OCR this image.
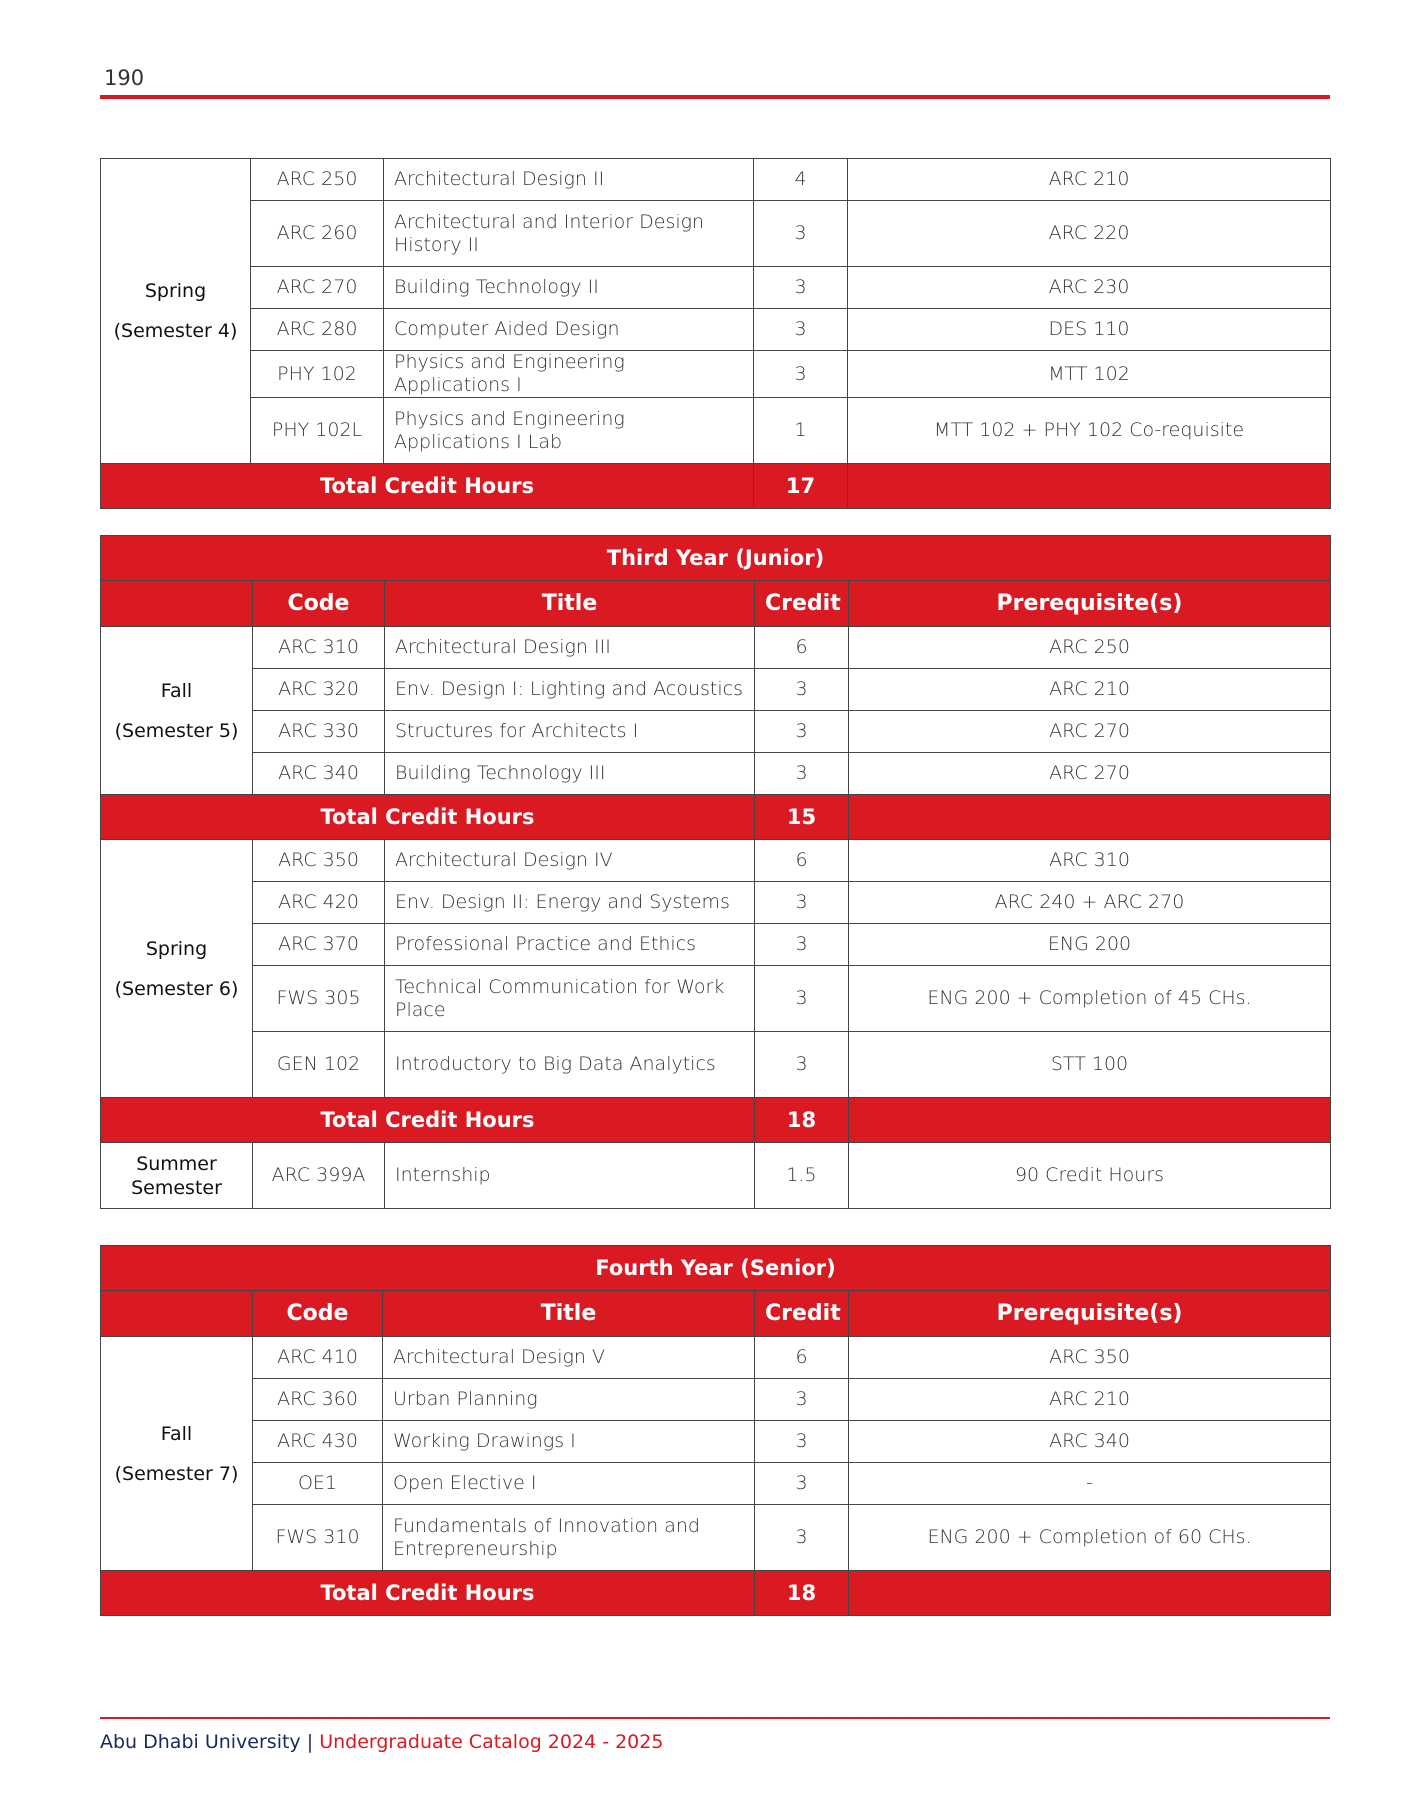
190
Spring
(Semester 4)	ARC 250	Architectural Design II	4	ARC 210
	ARC 260	Architectural and Interior Design History II	3	ARC 220
	ARC 270	Building Technology II	3	ARC 230
	ARC 280	Computer Aided Design	3	DES 110
	PHY 102	Physics and Engineering Applications I	3	MTT 102
	PHY 102L	Physics and Engineering Applications I Lab	1	MTT 102 + PHY 102 Co-requisite
Total Credit Hours			17	
Third Year (Junior)				
	Code	Title	Credit	Prerequisite(s)

Fall
(Semester 5)	ARC 310	Architectural Design III	6	ARC 250
	ARC 320	Env. Design I: Lighting and Acoustics	3	ARC 210
	ARC 330	Structures for Architects I	3	ARC 270
	ARC 340	Building Technology III	3	ARC 270
Total Credit Hours			15	

Spring
(Semester 6)	ARC 350	Architectural Design IV	6	ARC 310
	ARC 420	Env. Design II: Energy and Systems	3	ARC 240 + ARC 270
	ARC 370	Professional Practice and Ethics	3	ENG 200
	FWS 305	Technical Communication for Work Place	3	ENG 200 + Completion of 45 CHs.
	GEN 102	Introductory to Big Data Analytics	3	STT 100
Total Credit Hours			18	
Summer Semester	ARC 399A	Internship	1.5	90 Credit Hours
Fourth Year (Senior)				
	Code	Title	Credit	Prerequisite(s)

Fall
(Semester 7)	ARC 410	Architectural Design V	6	ARC 350
	ARC 360	Urban Planning	3	ARC 210
	ARC 430	Working Drawings I	3	ARC 340
	OE1	Open Elective I	3	-
	FWS 310	Fundamentals of Innovation and Entrepreneurship	3	ENG 200 + Completion of 60 CHs.
Total Credit Hours			18	
Abu Dhabi University | Undergraduate Catalog 2024 - 2025
